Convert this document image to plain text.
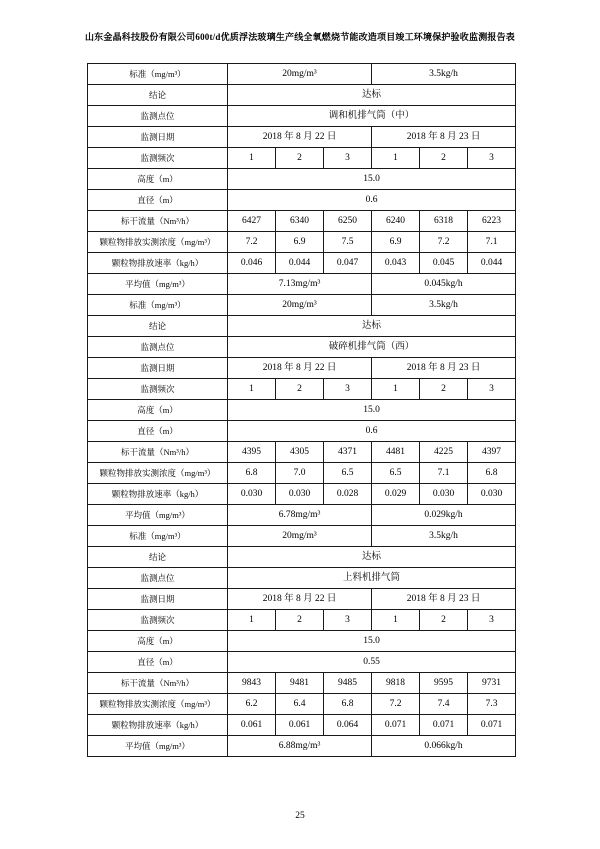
山东金晶科技股份有限公司600t/d优质浮法玻璃生产线全氧燃烧节能改造项目竣工环境保护验收监测报告表
标准（mg/m³）	20mg/m³			3.5kg/h		
结论	达标					
监测点位	调和机排气筒（中）					
监测日期	2018 年 8 月 22 日			2018 年 8 月 23 日		
监测频次	1	2	3	1	2	3
高度（m）	15.0					
直径（m）	0.6					
标干流量（Nm³/h）	6427	6340	6250	6240	6318	6223
颗粒物排放实测浓度（mg/m³）	7.2	6.9	7.5	6.9	7.2	7.1
颗粒物排放速率（kg/h）	0.046	0.044	0.047	0.043	0.045	0.044
平均值（mg/m³）	7.13mg/m³			0.045kg/h		
标准（mg/m³）	20mg/m³			3.5kg/h		
结论	达标					
监测点位	破碎机排气筒（西）					
监测日期	2018 年 8 月 22 日			2018 年 8 月 23 日		
监测频次	1	2	3	1	2	3
高度（m）	15.0					
直径（m）	0.6					
标干流量（Nm³/h）	4395	4305	4371	4481	4225	4397
颗粒物排放实测浓度（mg/m³）	6.8	7.0	6.5	6.5	7.1	6.8
颗粒物排放速率（kg/h）	0.030	0.030	0.028	0.029	0.030	0.030
平均值（mg/m³）	6.78mg/m³			0.029kg/h		
标准（mg/m³）	20mg/m³			3.5kg/h		
结论	达标					
监测点位	上料机排气筒					
监测日期	2018 年 8 月 22 日			2018 年 8 月 23 日		
监测频次	1	2	3	1	2	3
高度（m）	15.0					
直径（m）	0.55					
标干流量（Nm³/h）	9843	9481	9485	9818	9595	9731
颗粒物排放实测浓度（mg/m³）	6.2	6.4	6.8	7.2	7.4	7.3
颗粒物排放速率（kg/h）	0.061	0.061	0.064	0.071	0.071	0.071
平均值（mg/m³）	6.88mg/m³			0.066kg/h		
25
